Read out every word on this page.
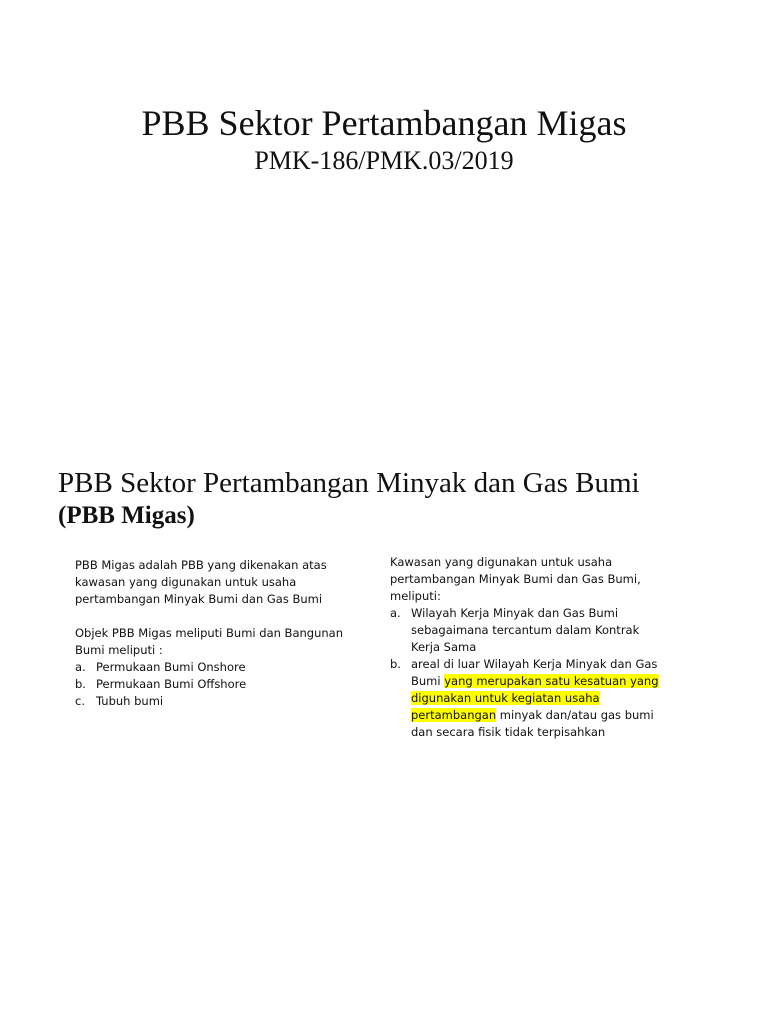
PBB Sektor Pertambangan Migas
PMK-186/PMK.03/2019
PBB Sektor Pertambangan Minyak dan Gas Bumi
(PBB Migas)

PBB Migas adalah PBB yang dikenakan atas

kawasan yang digunakan untuk usaha

pertambangan Minyak Bumi dan Gas Bumi

Objek PBB Migas meliputi Bumi dan Bangunan

Bumi meliputi :

a. Permukaan Bumi Onshore
b. Permukaan Bumi Offshore
c. Tubuh bumi

Kawasan yang digunakan untuk usaha

pertambangan Minyak Bumi dan Gas Bumi,

meliputi:

a. Wilayah Kerja Minyak dan Gas Bumi

sebagaimana tercantum dalam Kontrak

Kerja Sama

b. areal di luar Wilayah Kerja Minyak dan Gas

Bumi yang merupakan satu kesatuan yang

digunakan untuk kegiatan usaha

pertambangan minyak dan/atau gas bumi

dan secara fisik tidak terpisahkan
